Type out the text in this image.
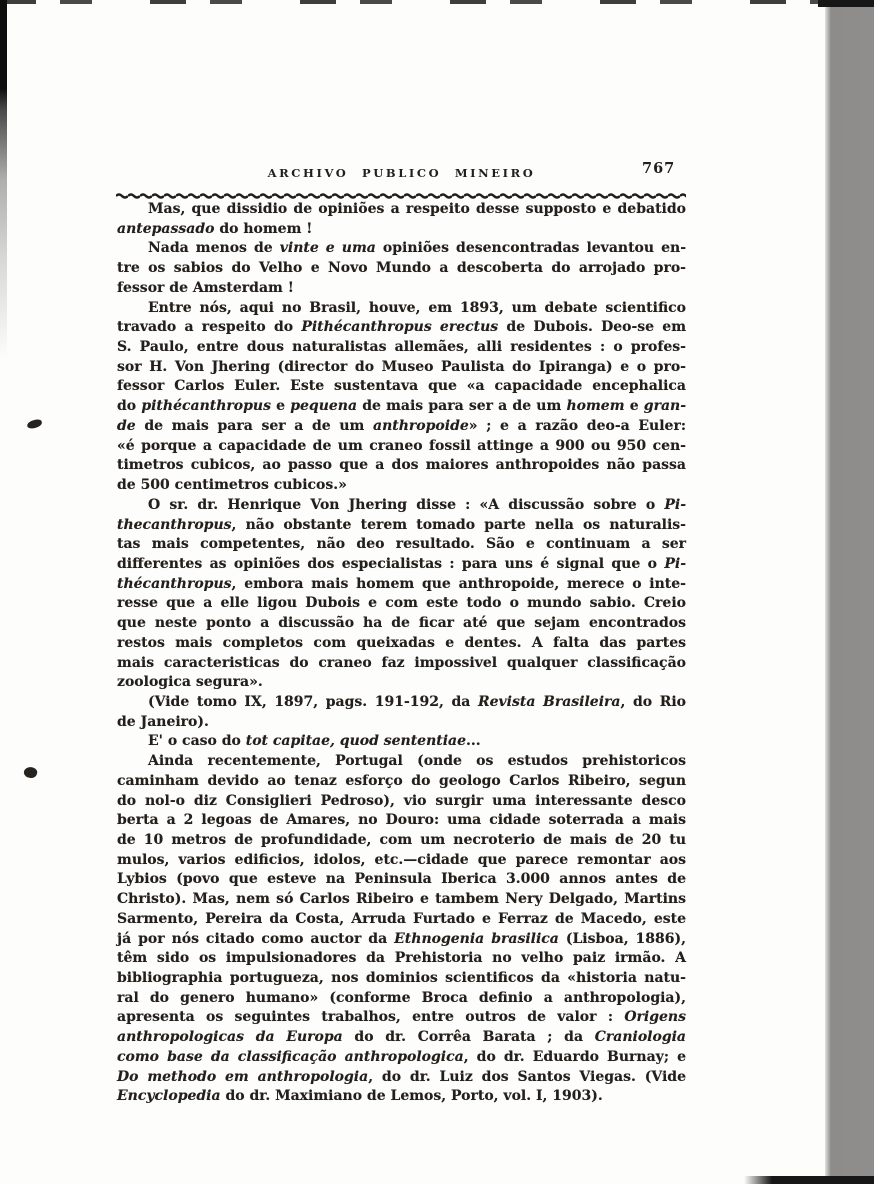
ARCHIVO PUBLICO MINEIRO	767
Mas, que dissidio de opiniões a respeito desse supposto e debatido
antepassado do homem !
Nada menos de vinte e uma opiniões desencontradas levantou en-
tre os sabios do Velho e Novo Mundo a descoberta do arrojado pro-
fessor de Amsterdam !
Entre nós, aqui no Brasil, houve, em 1893, um debate scientifico
travado a respeito do Pithécanthropus erectus de Dubois. Deo-se em
S. Paulo, entre dous naturalistas allemães, alli residentes : o profes-
sor H. Von Jhering (director do Museo Paulista do Ipiranga) e o pro-
fessor Carlos Euler. Este sustentava que «a capacidade encephalica
do pithécanthropus e pequena de mais para ser a de um homem e gran-
de de mais para ser a de um anthropoide» ; e a razão deo-a Euler:
«é porque a capacidade de um craneo fossil attinge a 900 ou 950 cen-
timetros cubicos, ao passo que a dos maiores anthropoides não passa
de 500 centimetros cubicos.»
O sr. dr. Henrique Von Jhering disse : «A discussão sobre o Pi-
thecanthropus, não obstante terem tomado parte nella os naturalis-
tas mais competentes, não deo resultado. São e continuam a ser
differentes as opiniões dos especialistas : para uns é signal que o Pi-
thécanthropus, embora mais homem que anthropoide, merece o inte-
resse que a elle ligou Dubois e com este todo o mundo sabio. Creio
que neste ponto a discussão ha de ficar até que sejam encontrados
restos mais completos com queixadas e dentes. A falta das partes
mais caracteristicas do craneo faz impossivel qualquer classificação
zoologica segura».
(Vide tomo IX, 1897, pags. 191-192, da Revista Brasileira, do Rio
de Janeiro).
E' o caso do tot capitae, quod sententiae...
Ainda recentemente, Portugal (onde os estudos prehistoricos
caminham devido ao tenaz esforço do geologo Carlos Ribeiro, segun
do nol-o diz Consiglieri Pedroso), vio surgir uma interessante desco
berta a 2 legoas de Amares, no Douro: uma cidade soterrada a mais
de 10 metros de profundidade, com um necroterio de mais de 20 tu
mulos, varios edificios, idolos, etc.—cidade que parece remontar aos
Lybios (povo que esteve na Peninsula Iberica 3.000 annos antes de
Christo). Mas, nem só Carlos Ribeiro e tambem Nery Delgado, Martins
Sarmento, Pereira da Costa, Arruda Furtado e Ferraz de Macedo, este
já por nós citado como auctor da Ethnogenia brasilica (Lisboa, 1886),
têm sido os impulsionadores da Prehistoria no velho paiz irmão. A
bibliographia portugueza, nos dominios scientificos da «historia natu-
ral do genero humano» (conforme Broca definio a anthropologia),
apresenta os seguintes trabalhos, entre outros de valor : Origens
anthropologicas da Europa do dr. Corrêa Barata ; da Craniologia
como base da classificação anthropologica, do dr. Eduardo Burnay; e
Do methodo em anthropologia, do dr. Luiz dos Santos Viegas. (Vide
Encyclopedia do dr. Maximiano de Lemos, Porto, vol. I, 1903).
